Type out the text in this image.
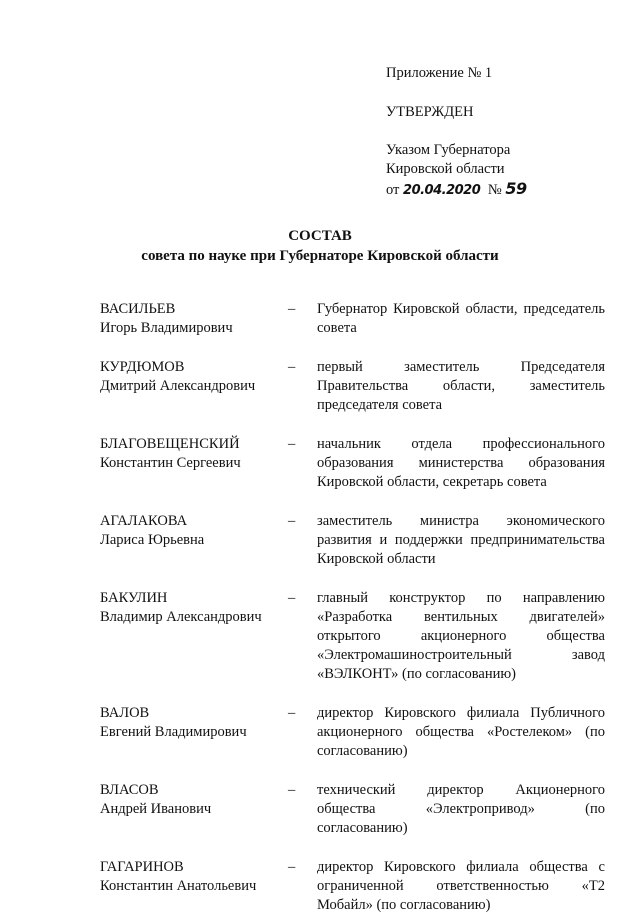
Приложение № 1
УТВЕРЖДЕН
Указом Губернатора
Кировской области
от 20.04.2020 № 59
СОСТАВ
совета по науке при Губернаторе Кировской области
ВАСИЛЬЕВ
Игорь Владимирович
– Губернатор Кировской области, председатель совета
КУРДЮМОВ
Дмитрий Александрович
– первый заместитель Председателя Правительства области, заместитель председателя совета
БЛАГОВЕЩЕНСКИЙ
Константин Сергеевич
– начальник отдела профессионального образования министерства образования Кировской области, секретарь совета
АГАЛАКОВА
Лариса Юрьевна
– заместитель министра экономического развития и поддержки предпринимательства Кировской области
БАКУЛИН
Владимир Александрович
– главный конструктор по направлению «Разработка вентильных двигателей» открытого акционерного общества «Электромашиностроительный завод «ВЭЛКОНТ» (по согласованию)
ВАЛОВ
Евгений Владимирович
– директор Кировского филиала Публичного акционерного общества «Ростелеком» (по согласованию)
ВЛАСОВ
Андрей Иванович
– технический директор Акционерного общества «Электропривод» (по согласованию)
ГАГАРИНОВ
Константин Анатольевич
– директор Кировского филиала общества с ограниченной ответственностью «Т2 Мобайл» (по согласованию)
